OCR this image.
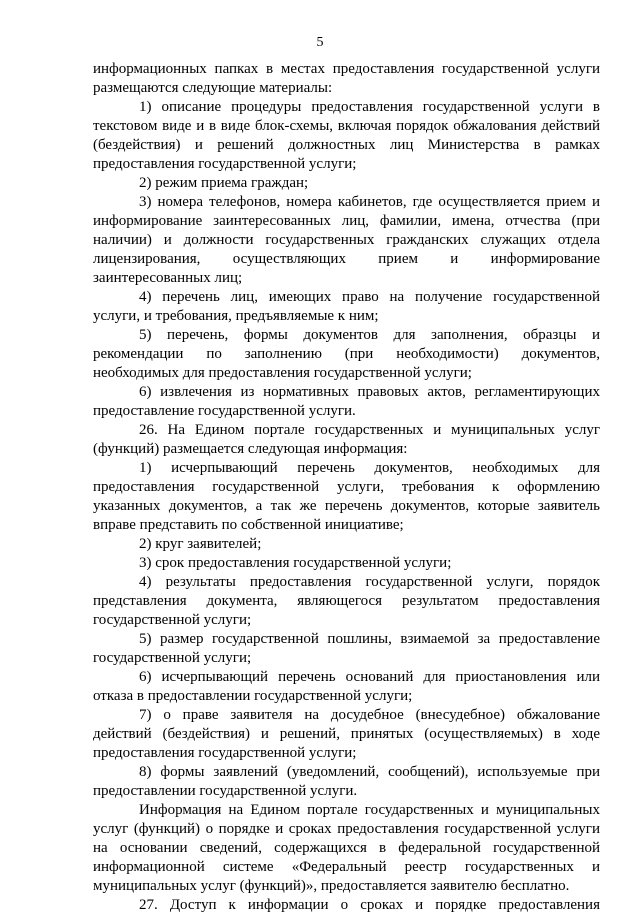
5
информационных папках в местах предоставления государственной услуги
размещаются следующие материалы:
1) описание процедуры предоставления государственной услуги в
текстовом виде и в виде блок-схемы, включая порядок обжалования действий
(бездействия) и решений должностных лиц Министерства в рамках
предоставления государственной услуги;
2) режим приема граждан;
3) номера телефонов, номера кабинетов, где осуществляется прием и
информирование заинтересованных лиц, фамилии, имена, отчества (при
наличии) и должности государственных гражданских служащих отдела
лицензирования, осуществляющих прием и информирование
заинтересованных лиц;
4) перечень лиц, имеющих право на получение государственной
услуги, и требования, предъявляемые к ним;
5) перечень, формы документов для заполнения, образцы и
рекомендации по заполнению (при необходимости) документов,
необходимых для предоставления государственной услуги;
6) извлечения из нормативных правовых актов, регламентирующих
предоставление государственной услуги.
26. На Едином портале государственных и муниципальных услуг
(функций) размещается следующая информация:
1) исчерпывающий перечень документов, необходимых для
предоставления государственной услуги, требования к оформлению
указанных документов, а так же перечень документов, которые заявитель
вправе представить по собственной инициативе;
2) круг заявителей;
3) срок предоставления государственной услуги;
4) результаты предоставления государственной услуги, порядок
представления документа, являющегося результатом предоставления
государственной услуги;
5) размер государственной пошлины, взимаемой за предоставление
государственной услуги;
6) исчерпывающий перечень оснований для приостановления или
отказа в предоставлении государственной услуги;
7) о праве заявителя на досудебное (внесудебное) обжалование
действий (бездействия) и решений, принятых (осуществляемых) в ходе
предоставления государственной услуги;
8) формы заявлений (уведомлений, сообщений), используемые при
предоставлении государственной услуги.
Информация на Едином портале государственных и муниципальных
услуг (функций) о порядке и сроках предоставления государственной услуги
на основании сведений, содержащихся в федеральной государственной
информационной системе «Федеральный реестр государственных и
муниципальных услуг (функций)», предоставляется заявителю бесплатно.
27. Доступ к информации о сроках и порядке предоставления
